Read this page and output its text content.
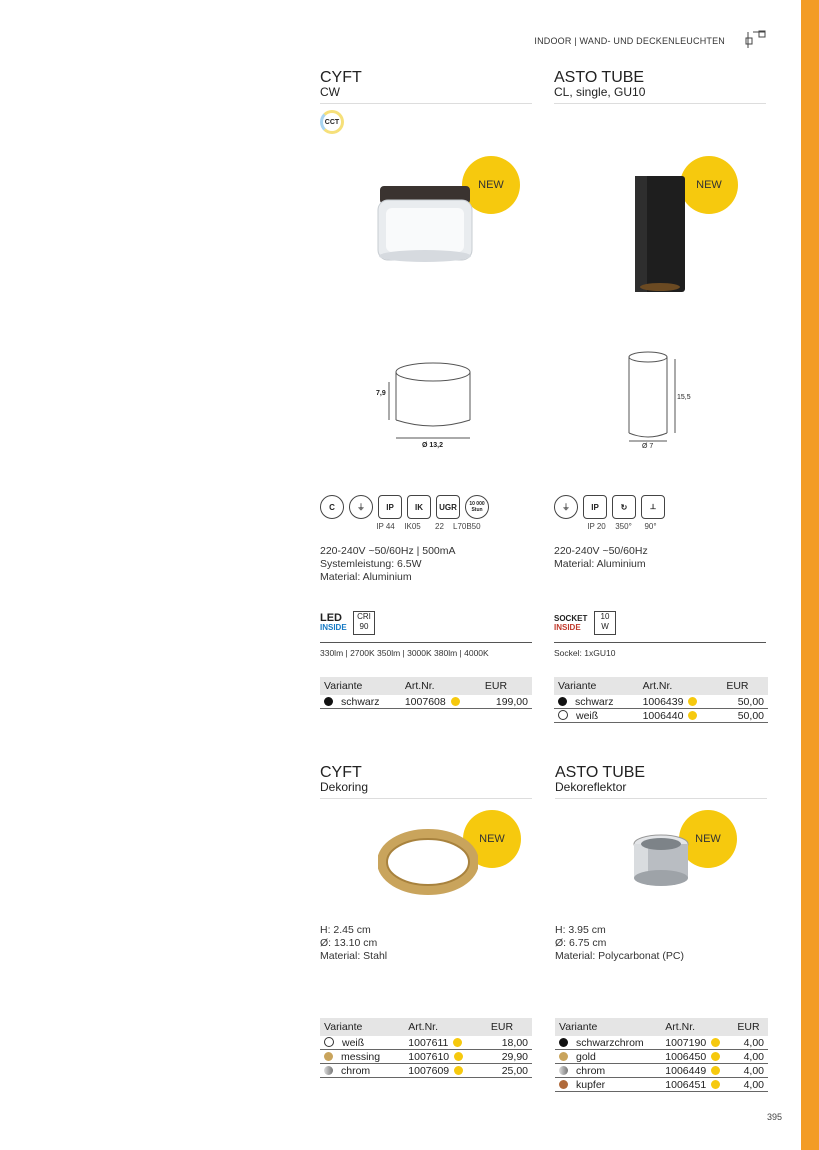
INDOOR | WAND- UND DECKENLEUCHTEN
CYFT
CW
CCT
NEW
7,9
Ø 13,2
C	⏚	IP	IK	UGR	10 000 Stun
IP 44	IK05	22	L70B50
220-240V ~50/60Hz | 500mA
Systemleistung: 6.5W
Material: Aluminium
LED
INSIDE
CRI
90
330lm | 2700K 350lm | 3000K 380lm | 4000K
Variante	Art.Nr.	EUR
schwarz	1007608	199,00
ASTO TUBE
CL, single, GU10
NEW
15,5
Ø 7
⏚	IP	↻	⟂
IP 20	350°	90°
220-240V ~50/60Hz
Material: Aluminium
SOCKET
INSIDE
10
W
Sockel: 1xGU10
Variante	Art.Nr.	EUR
schwarz	1006439	50,00
weiß	1006440	50,00
CYFT
Dekoring
NEW
H: 2.45 cm
Ø: 13.10 cm
Material: Stahl
Variante	Art.Nr.	EUR
weiß	1007611	18,00
messing	1007610	29,90
chrom	1007609	25,00
ASTO TUBE
Dekoreflektor
NEW
H: 3.95 cm
Ø: 6.75 cm
Material: Polycarbonat (PC)
Variante	Art.Nr.	EUR
schwarzchrom	1007190	4,00
gold	1006450	4,00
chrom	1006449	4,00
kupfer	1006451	4,00
395
